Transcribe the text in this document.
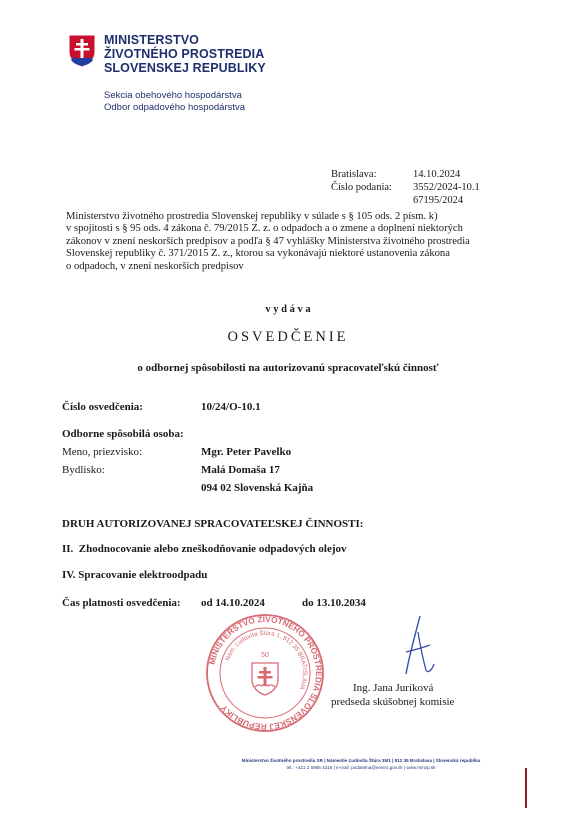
MINISTERSTVO
ŽIVOTNÉHO PROSTREDIA
SLOVENSKEJ REPUBLIKY
Sekcia obehového hospodárstva
Odbor odpadového hospodárstva
Bratislava:	14.10.2024
Číslo podania: 3552/2024-10.1
67195/2024
Ministerstvo životného prostredia Slovenskej republiky v súlade s § 105 ods. 2 písm. k)
v spojitosti s § 95 ods. 4 zákona č. 79/2015 Z. z. o odpadoch a o zmene a doplnení niektorých
zákonov v znení neskorších predpisov a podľa § 47 vyhlášky Ministerstva životného prostredia
Slovenskej republiky č. 371/2015 Z. z., ktorou sa vykonávajú niektoré ustanovenia zákona
o odpadoch, v znení neskorších predpisov
v y d á v a
OSVEDČENIE
o odbornej spôsobilosti na autorizovanú spracovateľskú činnosť
Číslo osvedčenia:	10/24/O-10.1
Odborne spôsobilá osoba:
Meno, priezvisko:	Mgr. Peter Pavelko
Bydlisko:	Malá Domaša 17
094 02 Slovenská Kajňa
DRUH AUTORIZOVANEJ SPRACOVATEĽSKEJ ČINNOSTI:
II.  Zhodnocovanie alebo zneškodňovanie odpadových olejov
IV. Spracovanie elektroodpadu
Čas platnosti osvedčenia: od 14.10.2024	do 13.10.2034
MINISTERSTVO ŽIVOTNÉHO PROSTREDIA SLOVENSKEJ REPUBLIKY
Nám. Ľudovíta Štúra 1, 812 35 BRATISLAVA
50
Ing. Jana Juríková
predseda skúšobnej komisie
Ministerstvo životného prostredia SR | Námestie Ľudovíta Štúra 35/1 | 812 35 Bratislava | Slovenská republika
tel.: +421 2 5956 4316 | e-mail: podatelna@enviro.gov.sk | www.minzp.sk
